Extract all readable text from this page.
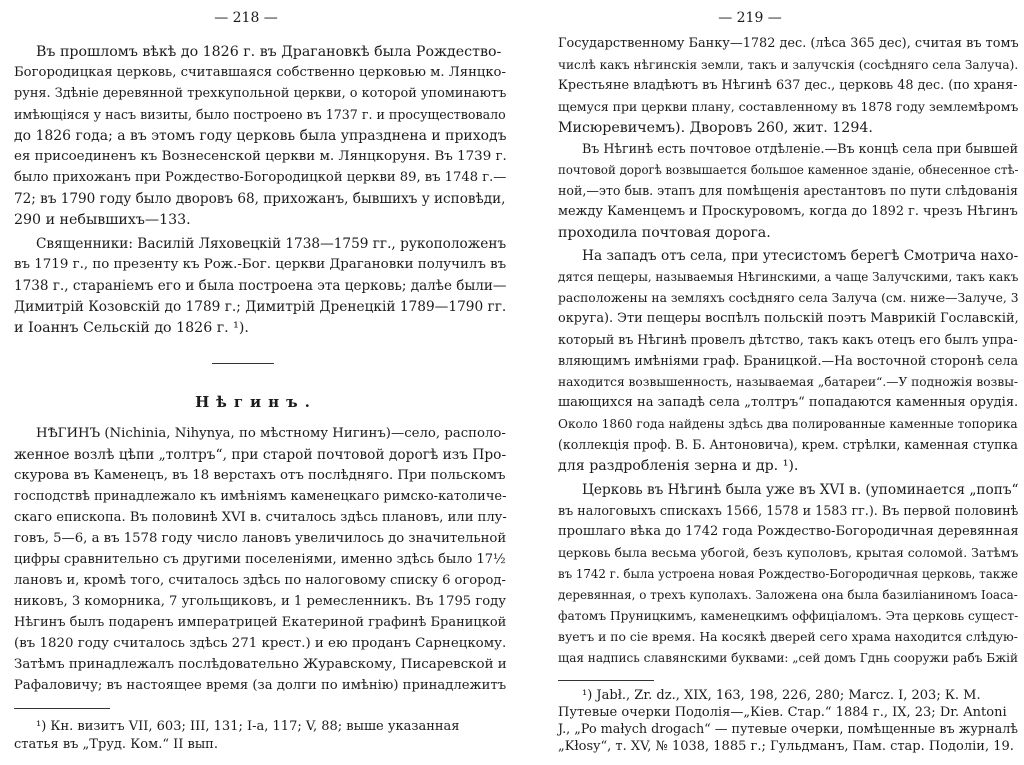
— 218 —
Въ прошломъ вѣкѣ до 1826 г. въ Драгановкѣ была Рождество-
Богородицкая церковь, считавшаяся собственно церковью м. Лянцко-
руня. Здѣніе деревянной трехкупольной церкви, о которой упоминаютъ
имѣющіяся у насъ визиты, было построено въ 1737 г. и просуществовало
до 1826 года; а въ этомъ году церковь была упразднена и приходъ
ея присоединенъ къ Вознесенской церкви м. Лянцкоруня. Въ 1739 г.
было прихожанъ при Рождество-Богородицкой церкви 89, въ 1748 г.—
72; въ 1790 году было дворовъ 68, прихожанъ, бывшихъ у исповѣди,
290 и небывшихъ—133.
Священники: Василій Ляховецкій 1738—1759 гг., рукоположенъ
въ 1719 г., по презенту къ Рож.-Бог. церкви Драгановки получилъ въ
1738 г., стараніемъ его и была построена эта церковь; далѣе были—
Димитрій Козовскій до 1789 г.; Димитрій Дренецкій 1789—1790 гг.
и Іоаннъ Сельскій до 1826 г. ¹).
Нѣгинъ.
НѢГИНЪ (Nichinia, Nihynya, по мѣстному Нигинъ)—село, располо-
женное возлѣ цѣпи „толтръ“, при старой почтовой дорогѣ изъ Про-
скурова въ Каменецъ, въ 18 верстахъ отъ послѣдняго. При польскомъ
господствѣ принадлежало къ имѣніямъ каменецкаго римско-католиче-
скаго епископа. Въ половинѣ XVI в. считалось здѣсь плановъ, или плу-
говъ, 5—6, а въ 1578 году число лановъ увеличилось до значительной
цифры сравнительно съ другими поселеніями, именно здѣсь было 17½
лановъ и, кромѣ того, считалось здѣсь по налоговому списку 6 огород-
никовъ, 3 коморника, 7 угольщиковъ, и 1 ремесленникъ. Въ 1795 году
Нѣгинъ былъ подаренъ императрицей Екатериной графинѣ Браницкой
(въ 1820 году считалось здѣсь 271 крест.) и ею проданъ Сарнецкому.
Затѣмъ принадлежалъ послѣдовательно Журавскому, Писаревской и
Рафаловичу; въ настоящее время (за долги по имѣнію) принадлежитъ
¹) Кн. визитъ VII, 603; III, 131; I-a, 117; V, 88; выше указанная
статья въ „Труд. Ком.“ II вып.
— 219 —
Государственному Банку—1782 дес. (лѣса 365 дес), считая въ томъ
числѣ какъ нѣгинскія земли, такъ и залучскія (сосѣдняго села Залуча).
Крестьяне владѣютъ въ Нѣгинѣ 637 дес., церковь 48 дес. (по храня-
щемуся при церкви плану, составленному въ 1878 году землемѣромъ
Мисюревичемъ). Дворовъ 260, жит. 1294.
Въ Нѣгинѣ есть почтовое отдѣленіе.—Въ концѣ села при бывшей
почтовой дорогѣ возвышается большое каменное зданіе, обнесенное стѣ-
ной,—это быв. этапъ для помѣщенія арестантовъ по пути слѣдованія
между Каменцемъ и Проскуровомъ, когда до 1892 г. чрезъ Нѣгинъ
проходила почтовая дорога.
На западъ отъ села, при утесистомъ берегѣ Смотрича нахо-
дятся пещеры, называемыя Нѣгинскими, а чаще Залучскими, такъ какъ
расположены на земляхъ сосѣдняго села Залуча (см. ниже—Залуче, 3
округа). Эти пещеры воспѣлъ польскій поэтъ Маврикій Гославскій,
который въ Нѣгинѣ провелъ дѣтство, такъ какъ отецъ его былъ упра-
вляющимъ имѣніями граф. Браницкой.—На восточной сторонѣ села
находится возвышенность, называемая „батареи“.—У подножія возвы-
шающихся на западѣ села „толтръ“ попадаются каменныя орудія.
Около 1860 года найдены здѣсь два полированные каменные топорика
(коллекція проф. В. Б. Антоновича), крем. стрѣлки, каменная ступка
для раздробленія зерна и др. ¹).
Церковь въ Нѣгинѣ была уже въ XVI в. (упоминается „попъ“
въ налоговыхъ спискахъ 1566, 1578 и 1583 гг.). Въ первой половинѣ
прошлаго вѣка до 1742 года Рождество-Богородичная деревянная
церковь была весьма убогой, безъ куполовъ, крытая соломой. Затѣмъ
въ 1742 г. была устроена новая Рождество-Богородичная церковь, также
деревянная, о трехъ куполахъ. Заложена она была базиліаниномъ Іоаса-
фатомъ Пруницкимъ, каменецкимъ оффиціаломъ. Эта церковь сущест-
вуетъ и по сіе время. На косякѣ дверей сего храма находится слѣдую-
щая надпись славянскими буквами: „сей домъ Гднь сооружи рабъ Бжій
¹) Jabł., Zr. dz., XIX, 163, 198, 226, 280; Marcz. I, 203; К. М.
Путевые очерки Подолія—„Кiев. Стар.“ 1884 г., IX, 23; Dr. Antoni
J., „Po małych drogach“ — путевые очерки, помѣщенные въ журналѣ
„Kłosy“, т. XV, № 1038, 1885 г.; Гульдманъ, Пам. стар. Подоліи, 19.
